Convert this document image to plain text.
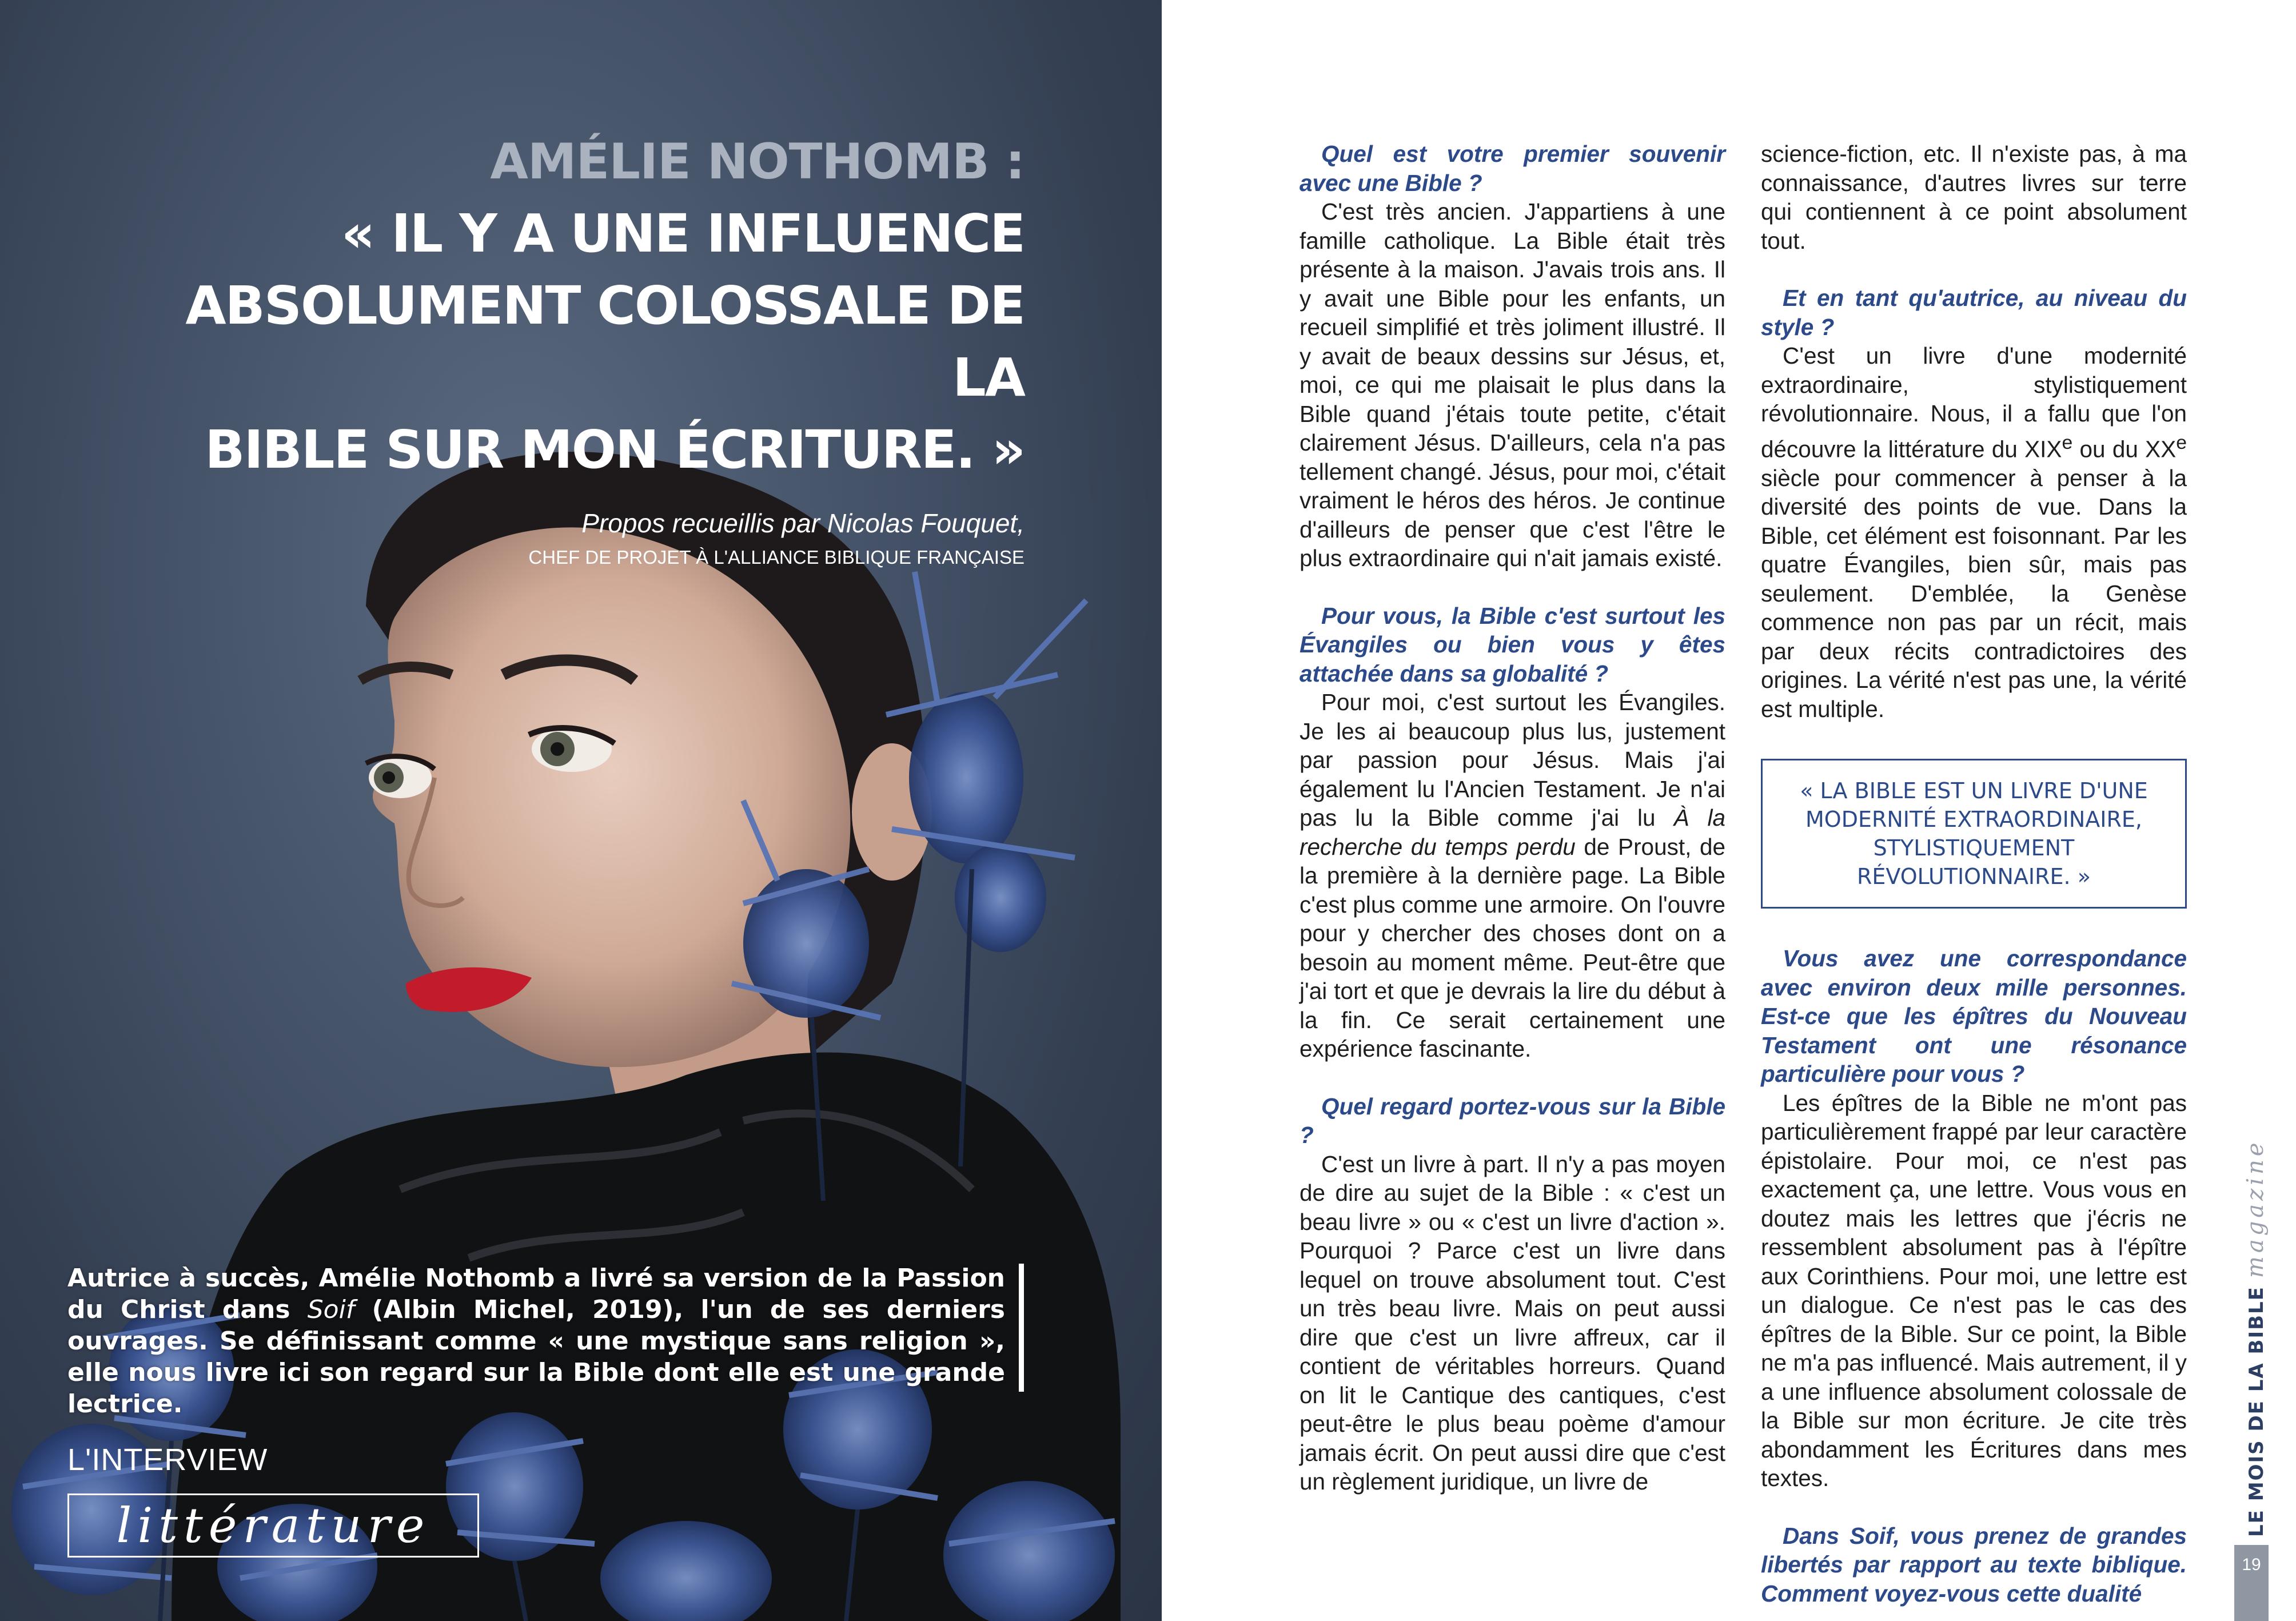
AMÉLIE NOTHOMB :
« IL Y A UNE INFLUENCE
ABSOLUMENT COLOSSALE DE LA
BIBLE SUR MON ÉCRITURE. »
Propos recueillis par Nicolas Fouquet,
CHEF DE PROJET À L'ALLIANCE BIBLIQUE FRANÇAISE
Autrice à succès, Amélie Nothomb a livré sa version de la Passion du Christ dans Soif (Albin Michel, 2019), l'un de ses derniers ouvrages. Se définissant comme « une mystique sans religion », elle nous livre ici son regard sur la Bible dont elle est une grande lectrice.
L'INTERVIEW
littérature

Quel est votre premier souvenir avec une Bible ?

C'est très ancien. J'appartiens à une famille catholique. La Bible était très présente à la maison. J'avais trois ans. Il y avait une Bible pour les enfants, un recueil simplifié et très joliment illustré. Il y avait de beaux dessins sur Jésus, et, moi, ce qui me plaisait le plus dans la Bible quand j'étais toute petite, c'était clairement Jésus. D'ailleurs, cela n'a pas tellement changé. Jésus, pour moi, c'était vraiment le héros des héros. Je continue d'ailleurs de penser que c'est l'être le plus extraordinaire qui n'ait jamais existé.

Pour vous, la Bible c'est surtout les Évangiles ou bien vous y êtes attachée dans sa globalité ?

Pour moi, c'est surtout les Évangiles. Je les ai beaucoup plus lus, justement par passion pour Jésus. Mais j'ai également lu l'Ancien Testament. Je n'ai pas lu la Bible comme j'ai lu À la recherche du temps perdu de Proust, de la première à la dernière page. La Bible c'est plus comme une armoire. On l'ouvre pour y chercher des choses dont on a besoin au moment même. Peut-être que j'ai tort et que je devrais la lire du début à la fin. Ce serait certainement une expérience fascinante.

Quel regard portez-vous sur la Bible ?

C'est un livre à part. Il n'y a pas moyen de dire au sujet de la Bible : « c'est un beau livre » ou « c'est un livre d'action ». Pourquoi ? Parce c'est un livre dans lequel on trouve absolument tout. C'est un très beau livre. Mais on peut aussi dire que c'est un livre affreux, car il contient de véritables horreurs. Quand on lit le Cantique des cantiques, c'est peut-être le plus beau poème d'amour jamais écrit. On peut aussi dire que c'est un règlement juridique, un livre de

science-fiction, etc. Il n'existe pas, à ma connaissance, d'autres livres sur terre qui contiennent à ce point absolument tout.

Et en tant qu'autrice, au niveau du style ?

C'est un livre d'une modernité extraordinaire, stylistiquement révolutionnaire. Nous, il a fallu que l'on découvre la littérature du XIXe ou du XXe siècle pour commencer à penser à la diversité des points de vue. Dans la Bible, cet élément est foisonnant. Par les quatre Évangiles, bien sûr, mais pas seulement. D'emblée, la Genèse commence non pas par un récit, mais par deux récits contradictoires des origines. La vérité n'est pas une, la vérité est multiple.

« LA BIBLE EST UN LIVRE D'UNE MODERNITÉ EXTRAORDINAIRE, STYLISTIQUEMENT RÉVOLUTIONNAIRE. »

Vous avez une correspondance avec environ deux mille personnes. Est-ce que les épîtres du Nouveau Testament ont une résonance particulière pour vous ?

Les épîtres de la Bible ne m'ont pas particulièrement frappé par leur caractère épistolaire. Pour moi, ce n'est pas exactement ça, une lettre. Vous vous en doutez mais les lettres que j'écris ne ressemblent absolument pas à l'épître aux Corinthiens. Pour moi, une lettre est un dialogue. Ce n'est pas le cas des épîtres de la Bible. Sur ce point, la Bible ne m'a pas influencé. Mais autrement, il y a une influence absolument colossale de la Bible sur mon écriture. Je cite très abondamment les Écritures dans mes textes.

Dans Soif, vous prenez de grandes libertés par rapport au texte biblique. Comment voyez-vous cette dualité

LE MOIS DE LA BIBLEmagazine
19
